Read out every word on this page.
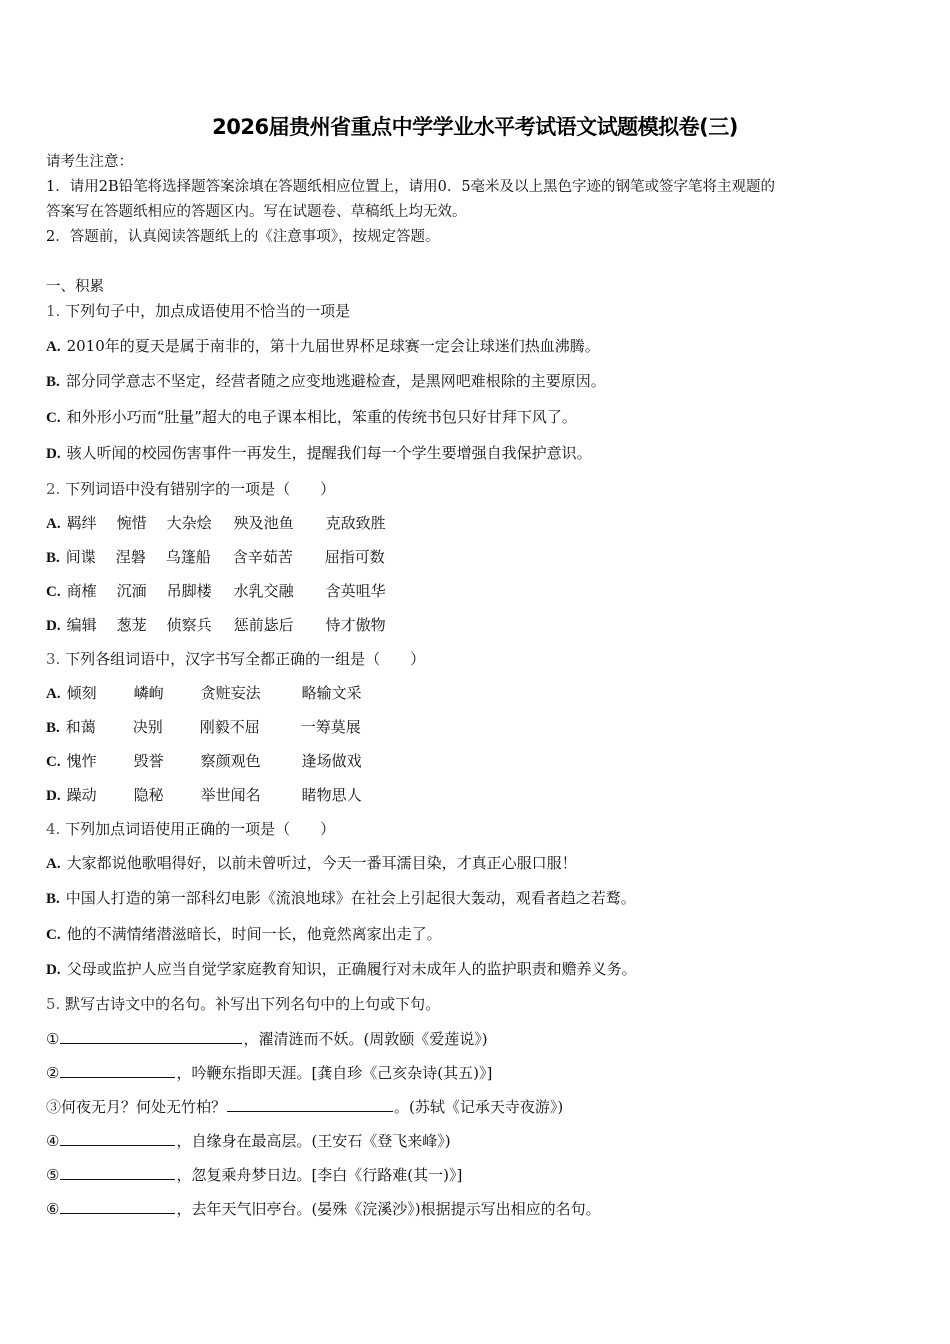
2026届贵州省重点中学学业水平考试语文试题模拟卷(三)
请考生注意：
1．请用2B铅笔将选择题答案涂填在答题纸相应位置上，请用0．5毫米及以上黑色字迹的钢笔或签字笔将主观题的
答案写在答题纸相应的答题区内。写在试题卷、草稿纸上均无效。
2．答题前，认真阅读答题纸上的《注意事项》，按规定答题。
一、积累
1. 下列句子中，加点成语使用不恰当的一项是
A. 2010年的夏天是属于南非的，第十九届世界杯足球赛一定会让球迷们热血沸腾。
B. 部分同学意志不坚定，经营者随之应变地逃避检查，是黑网吧难根除的主要原因。
C. 和外形小巧而“肚量”超大的电子课本相比，笨重的传统书包只好甘拜下风了。
D. 骇人听闻的校园伤害事件一再发生，提醒我们每一个学生要增强自我保护意识。
2. 下列词语中没有错别字的一项是（　　）
A. 羁绊 惋惜 大杂烩 殃及池鱼 克敌致胜
B. 间谍 涅磐 乌篷船 含辛茹苦 屈指可数
C. 商榷 沉湎 吊脚楼 水乳交融 含英咀华
D. 编辑 葱茏 侦察兵 惩前毖后 恃才傲物
3. 下列各组词语中，汉字书写全都正确的一组是（　　）
A. 倾刻 嶙峋 贪赃妄法	略输文采
B. 和蔼 决别 刚毅不屈	一筹莫展
C. 愧怍 毁誉 察颜观色	逢场做戏
D. 躁动 隐秘 举世闻名	睹物思人
4. 下列加点词语使用正确的一项是（　　）
A. 大家都说他歌唱得好，以前未曾听过，今天一番耳濡目染，才真正心服口服！
B. 中国人打造的第一部科幻电影《流浪地球》在社会上引起很大轰动，观看者趋之若鹜。
C. 他的不满情绪潜滋暗长，时间一长，他竟然离家出走了。
D. 父母或监护人应当自觉学家庭教育知识，正确履行对未成年人的监护职责和赡养义务。
5. 默写古诗文中的名句。补写出下列名句中的上句或下句。
①	，濯清涟而不妖。(周敦颐《爱莲说》)
②	，吟鞭东指即天涯。[龚自珍《己亥杂诗(其五)》]
③何夜无月？何处无竹柏？	。(苏轼《记承天寺夜游》)
④	，自缘身在最高层。(王安石《登飞来峰》)
⑤	，忽复乘舟梦日边。[李白《行路难(其一)》]
⑥	，去年天气旧亭台。(晏殊《浣溪沙》)根据提示写出相应的名句。
